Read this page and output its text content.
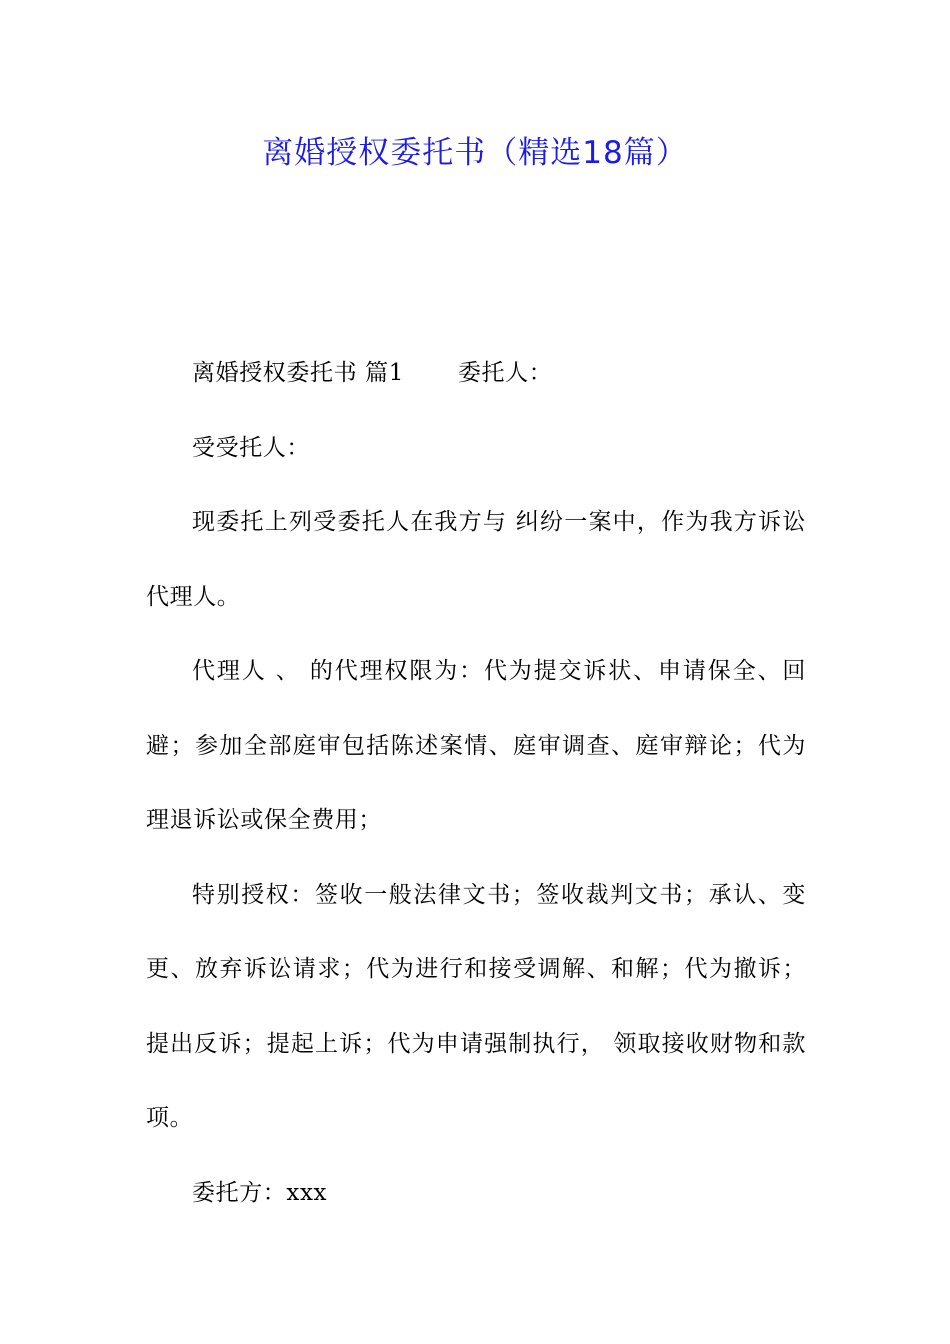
离婚授权委托书（精选18篇）

离婚授权委托书 篇1 委托人：

受受托人：

现委托上列受委托人在我方与 纠纷一案中，作为我方诉讼代理人。

代理人 、 的代理权限为：代为提交诉状、申请保全、回避；参加全部庭审包括陈述案情、庭审调查、庭审辩论；代为理退诉讼或保全费用；

特别授权：签收一般法律文书；签收裁判文书；承认、变更、放弃诉讼请求；代为进行和接受调解、和解；代为撤诉；提出反诉；提起上诉；代为申请强制执行， 领取接收财物和款项。

委托方：xxx
